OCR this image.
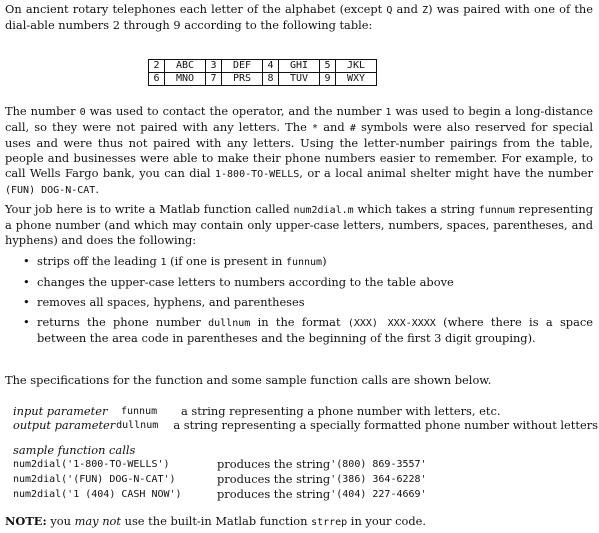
On ancient rotary telephones each letter of the alphabet (except Q and Z) was paired with one of the dial-able numbers 2 through 9 according to the following table:

2	ABC	3	DEF	4	GHI	5	JKL
6	MNO	7	PRS	8	TUV	9	WXY

The number 0 was used to contact the operator, and the number 1 was used to begin a long-distance call, so they were not paired with any letters. The * and # symbols were also reserved for special uses and were thus not paired with any letters. Using the letter-number pairings from the table, people and businesses were able to make their phone numbers easier to remember. For example, to call Wells Fargo bank, you can dial 1-800-TO-WELLS, or a local animal shelter might have the number (FUN) DOG-N-CAT.

Your job here is to write a Matlab function called num2dial.m which takes a string funnum representing a phone number (and which may contain only upper-case letters, numbers, spaces, parentheses, and hyphens) and does the following:

• strips off the leading 1 (if one is present in funnum)
• changes the upper-case letters to numbers according to the table above
• removes all spaces, hyphens, and parentheses
• returns the phone number dullnum in the format (XXX) XXX-XXXX (where there is a space between the area code in parentheses and the beginning of the first 3 digit grouping).

The specifications for the function and some sample function calls are shown below.

input parameter	funnum	a string representing a phone number with letters, etc.
output parameter dullnum	a string representing a specially formatted phone number without letters
sample function calls
num2dial('1-800-TO-WELLS')	produces the string '(800) 869-3557'
num2dial('(FUN) DOG-N-CAT')	produces the string '(386) 364-6228'
num2dial('1 (404) CASH NOW')	produces the string '(404) 227-4669'

NOTE: you may not use the built-in Matlab function strrep in your code.
